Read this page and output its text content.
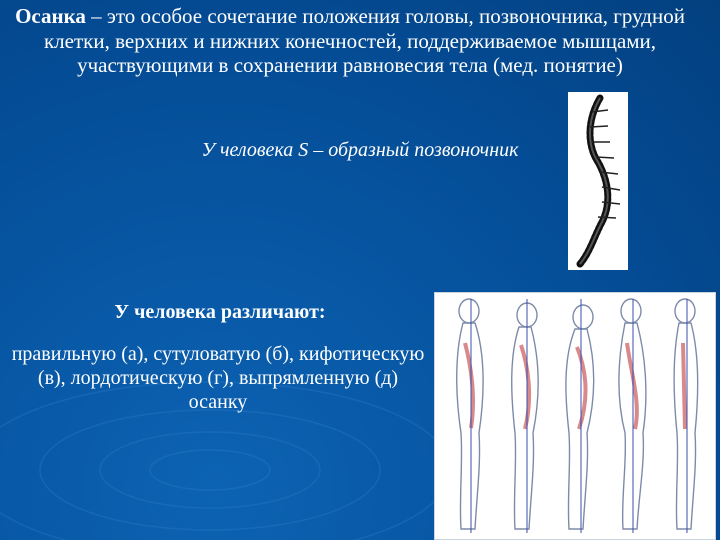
Осанка – это особое сочетание положения головы, позвоночника, грудной клетки, верхних и нижних конечностей, поддерживаемое мышцами, участвующими в сохранении равновесия тела (мед. понятие)
У человека S – образный позвоночник
У человека различают:
правильную (а), сутуловатую (б), кифотическую (в), лордотическую (г), выпрямленную (д) осанку
